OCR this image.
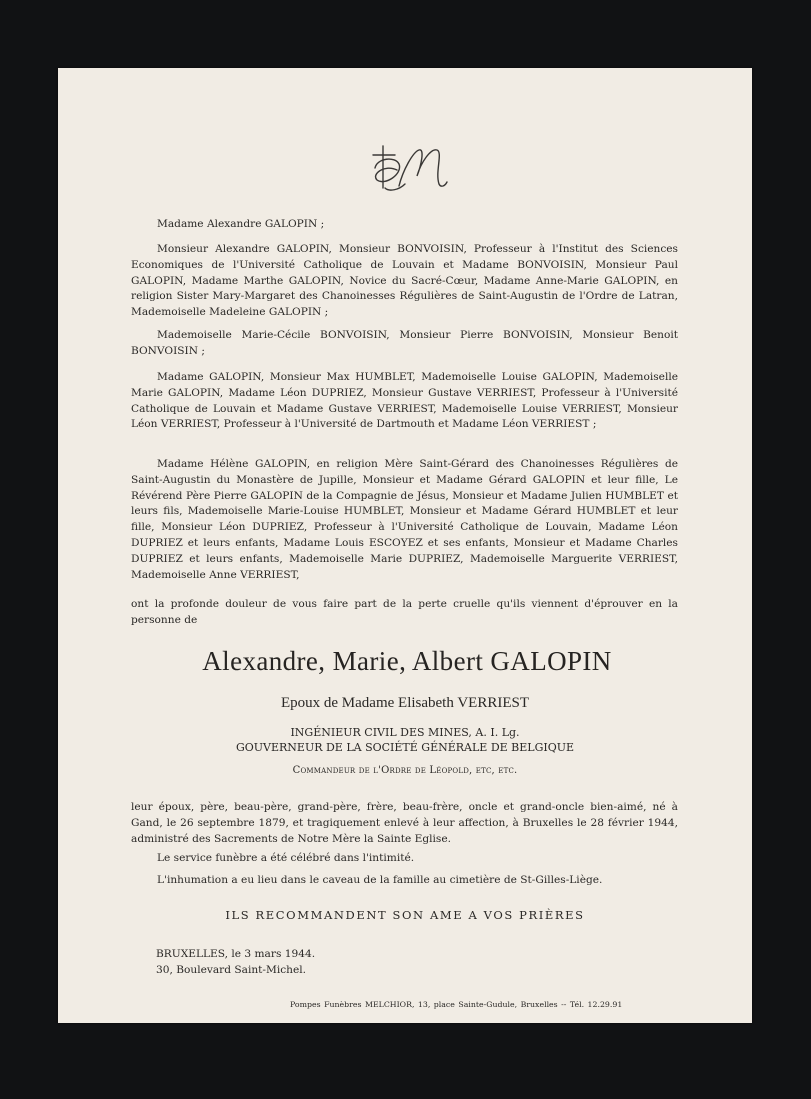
JM

Madame Alexandre GALOPIN ;

Monsieur Alexandre GALOPIN, Monsieur BONVOISIN, Professeur à l'Institut des Sciences Economiques de l'Université Catholique de Louvain et Madame BONVOISIN, Monsieur Paul GALOPIN, Madame Marthe GALOPIN, Novice du Sacré-Cœur, Madame Anne-Marie GALOPIN, en religion Sister Mary-Margaret des Chanoinesses Régulières de Saint-Augustin de l'Ordre de Latran, Mademoiselle Madeleine GALOPIN ;

Mademoiselle Marie-Cécile BONVOISIN, Monsieur Pierre BONVOISIN, Monsieur Benoit BONVOISIN ;

Madame GALOPIN, Monsieur Max HUMBLET, Mademoiselle Louise GALOPIN, Mademoiselle Marie GALOPIN, Madame Léon DUPRIEZ, Monsieur Gustave VERRIEST, Professeur à l'Université Catholique de Louvain et Madame Gustave VERRIEST, Mademoiselle Louise VERRIEST, Monsieur Léon VERRIEST, Professeur à l'Université de Dartmouth et Madame Léon VERRIEST ;

Madame Hélène GALOPIN, en religion Mère Saint-Gérard des Chanoinesses Régulières de Saint-Augustin du Monastère de Jupille, Monsieur et Madame Gérard GALOPIN et leur fille, Le Révérend Père Pierre GALOPIN de la Compagnie de Jésus, Monsieur et Madame Julien HUMBLET et leurs fils, Mademoiselle Marie-Louise HUMBLET, Monsieur et Madame Gérard HUMBLET et leur fille, Monsieur Léon DUPRIEZ, Professeur à l'Université Catholique de Louvain, Madame Léon DUPRIEZ et leurs enfants, Madame Louis ESCOYEZ et ses enfants, Monsieur et Madame Charles DUPRIEZ et leurs enfants, Mademoiselle Marie DUPRIEZ, Mademoiselle Marguerite VERRIEST, Mademoiselle Anne VERRIEST,

ont la profonde douleur de vous faire part de la perte cruelle qu'ils viennent d'éprouver en la personne de

Alexandre, Marie, Albert GALOPIN
Epoux de Madame Elisabeth VERRIEST
INGÉNIEUR CIVIL DES MINES, A. I. Lg.
GOUVERNEUR DE LA SOCIÉTÉ GÉNÉRALE DE BELGIQUE
Commandeur de l'Ordre de Léopold, etc, etc.

leur époux, père, beau-père, grand-père, frère, beau-frère, oncle et grand-oncle bien-aimé, né à Gand, le 26 septembre 1879, et tragiquement enlevé à leur affection, à Bruxelles le 28 février 1944, administré des Sacrements de Notre Mère la Sainte Eglise.

Le service funèbre a été célébré dans l'intimité.

L'inhumation a eu lieu dans le caveau de la famille au cimetière de St-Gilles-Liège.

ILS RECOMMANDENT SON AME A VOS PRIÈRES
BRUXELLES, le 3 mars 1944.
30, Boulevard Saint-Michel.
Pompes Funèbres MELCHIOR, 13, place Sainte-Gudule, Bruxelles -- Tél. 12.29.91
